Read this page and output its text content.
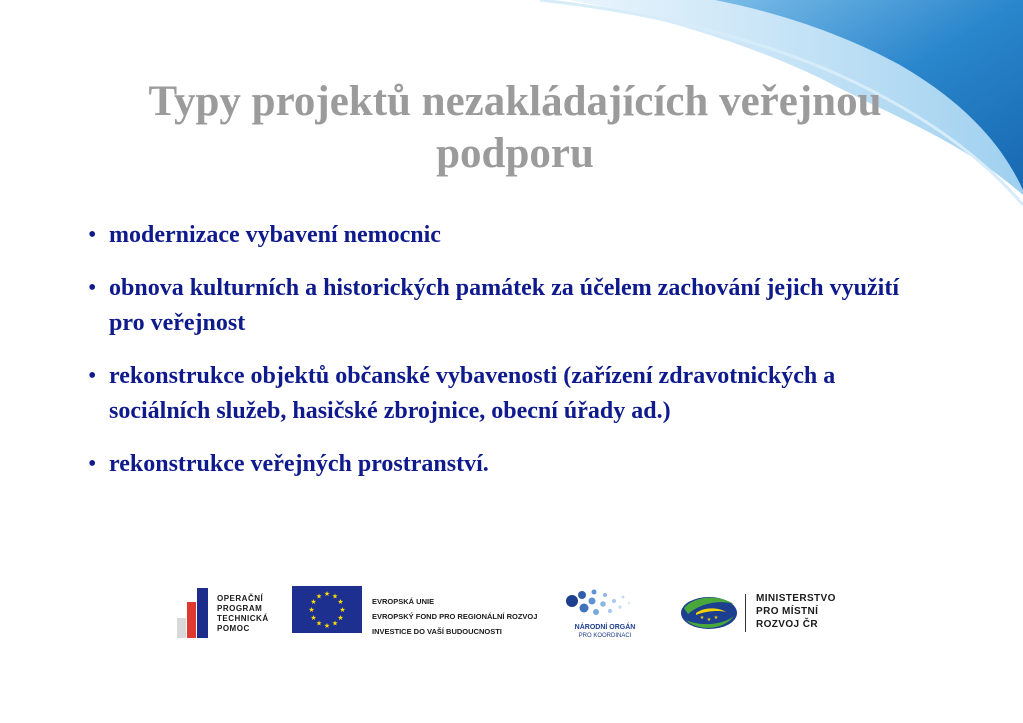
Typy projektů nezakládajících veřejnou podporu
• modernizace vybavení nemocnic
• obnova kulturních a historických památek za účelem zachování jejich využití pro veřejnost
• rekonstrukce objektů občanské vybavenosti (zařízení zdravotnických a sociálních služeb, hasičské zbrojnice, obecní úřady ad.)
• rekonstrukce veřejných prostranství.
OPERAČNÍ
PROGRAM
TECHNICKÁ
POMOC
★ ★
★
★
★
★
★
★
★
★
★
★
EVROPSKÁ UNIE
EVROPSKÝ FOND PRO REGIONÁLNÍ ROZVOJ
INVESTICE DO VAŠÍ BUDOUCNOSTI	NÁRODNÍ ORGÁN
PRO KOORDINACI
★
★ ★
MINISTERSTVO
PRO MÍSTNÍ
ROZVOJ ČR
